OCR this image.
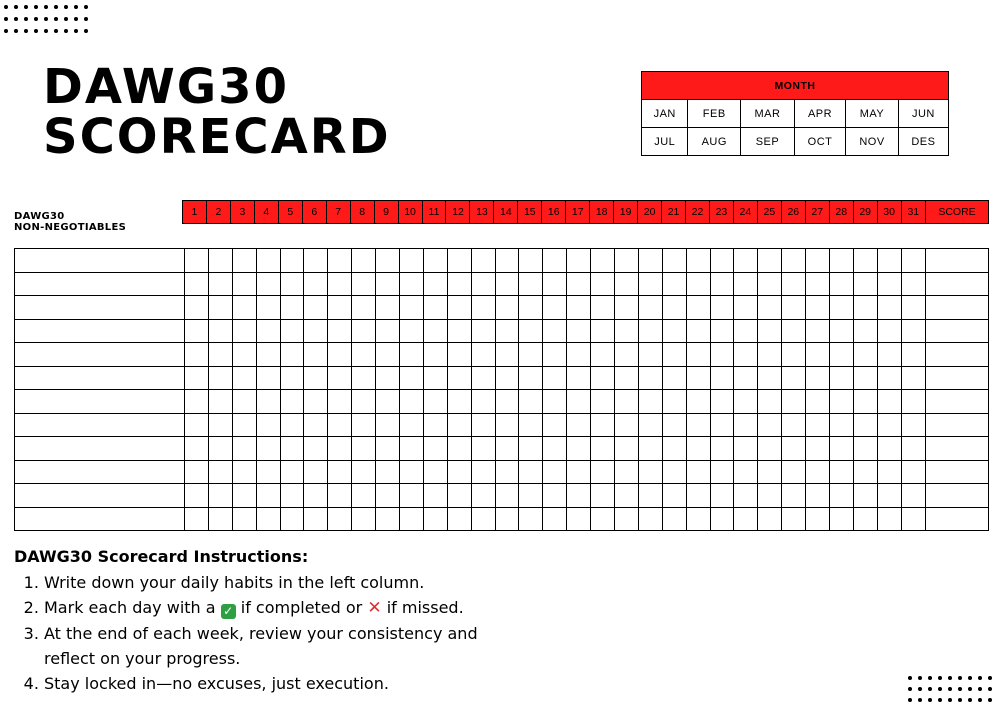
DAWG30
SCORECARD
MONTH					
JAN	FEB	MAR	APR	MAY	JUN
JUL	AUG	SEP	OCT	NOV	DES
DAWG30
NON-NEGOTIABLES
1	2	3	4	5	6	7	8	9	10	11	12	13	14	15	16	17	18	19	20	21	22	23	24	25	26	27	28	29	30	31	SCORE

DAWG30 Scorecard Instructions:
1. Write down your daily habits in the left column.
2. Mark each day with a ✓ if completed or ✕ if missed.
3. At the end of each week, review your consistency and reflect on your progress.
4. Stay locked in—no excuses, just execution.
